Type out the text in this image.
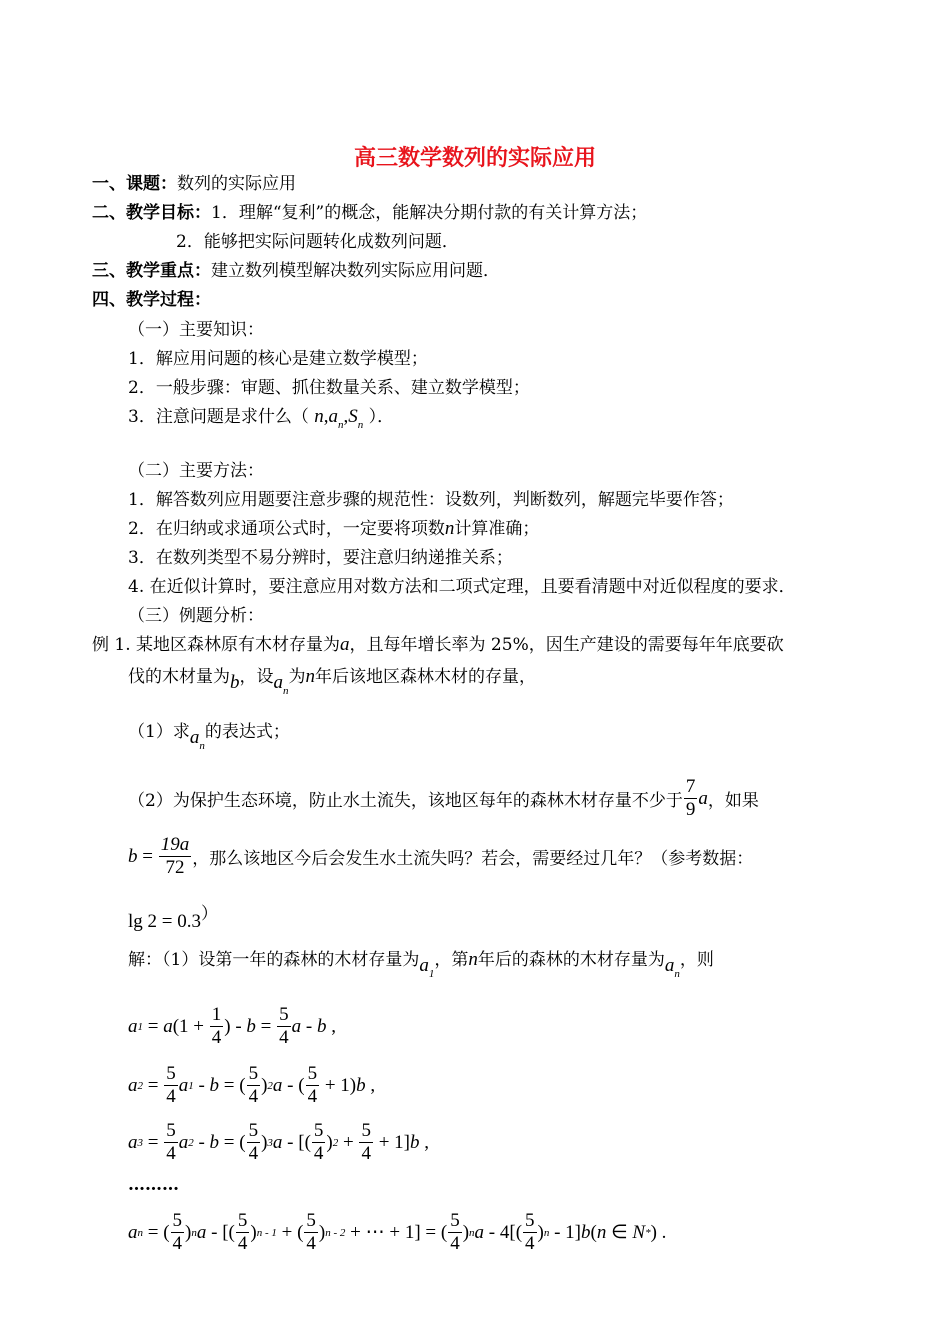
高三数学数列的实际应用
一、课题：数列的实际应用
二、教学目标：1．理解“复利”的概念，能解决分期付款的有关计算方法；
2．能够把实际问题转化成数列问题．
三、教学重点：建立数列模型解决数列实际应用问题．
四、教学过程：
（一）主要知识：
1．解应用问题的核心是建立数学模型；
2．一般步骤：审题、抓住数量关系、建立数学模型；
3．注意问题是求什么（ $n,a_n,S_n$ ）．
（二）主要方法：
1．解答数列应用题要注意步骤的规范性：设数列，判断数列，解题完毕要作答；
2．在归纳或求通项公式时，一定要将项数n计算准确；
3．在数列类型不易分辨时，要注意归纳递推关系；
4. 在近似计算时，要注意应用对数方法和二项式定理，且要看清题中对近似程度的要求．
（三）例题分析：
例 1. 某地区森林原有木材存量为a，且每年增长率为 25%，因生产建设的需要每年年底要砍
伐的木材量为b，设$a_n$为n年后该地区森林木材的存量，
（1）求$a_n$的表达式；
（2）为保护生态环境，防止水土流失，该地区每年的森林木材存量不少于 $\frac{7}{9}$ a ，如果
$b = \frac{19a}{72}$ ，那么该地区今后会发生水土流失吗？若会，需要经过几年？（参考数据：
lg 2 = 0.3）
解：（1）设第一年的森林的木材存量为$a_1$，第n年后的森林的木材存量为$a_n$，则
a 1 = a ($1 + \frac{1}{4}$ ) - $b = \frac{5}{4}$ a - b ,
a $2 = \frac{5}{4}$ a 1 - b = ( $\frac{5}{4}$ ) 2 a - ( $\frac{5}{4} + 1$) b ,
a $3 = \frac{5}{4}$ a 2 - b = ( $\frac{5}{4}$ ) 3 a - [( $\frac{5}{4}$ ) $2 + \frac{5}{4} + 1$] b ,
………
a n = ( $\frac{5}{4}$ ) n a - [( $\frac{5}{4}$ ) n - 1 + ( $\frac{5}{4}$ ) n - 2 + ⋯ + 1] = ( $\frac{5}{4}$ ) n a - $4[( \frac{5}{4}$ ) n - 1] b ( n ∈ N * ) .
